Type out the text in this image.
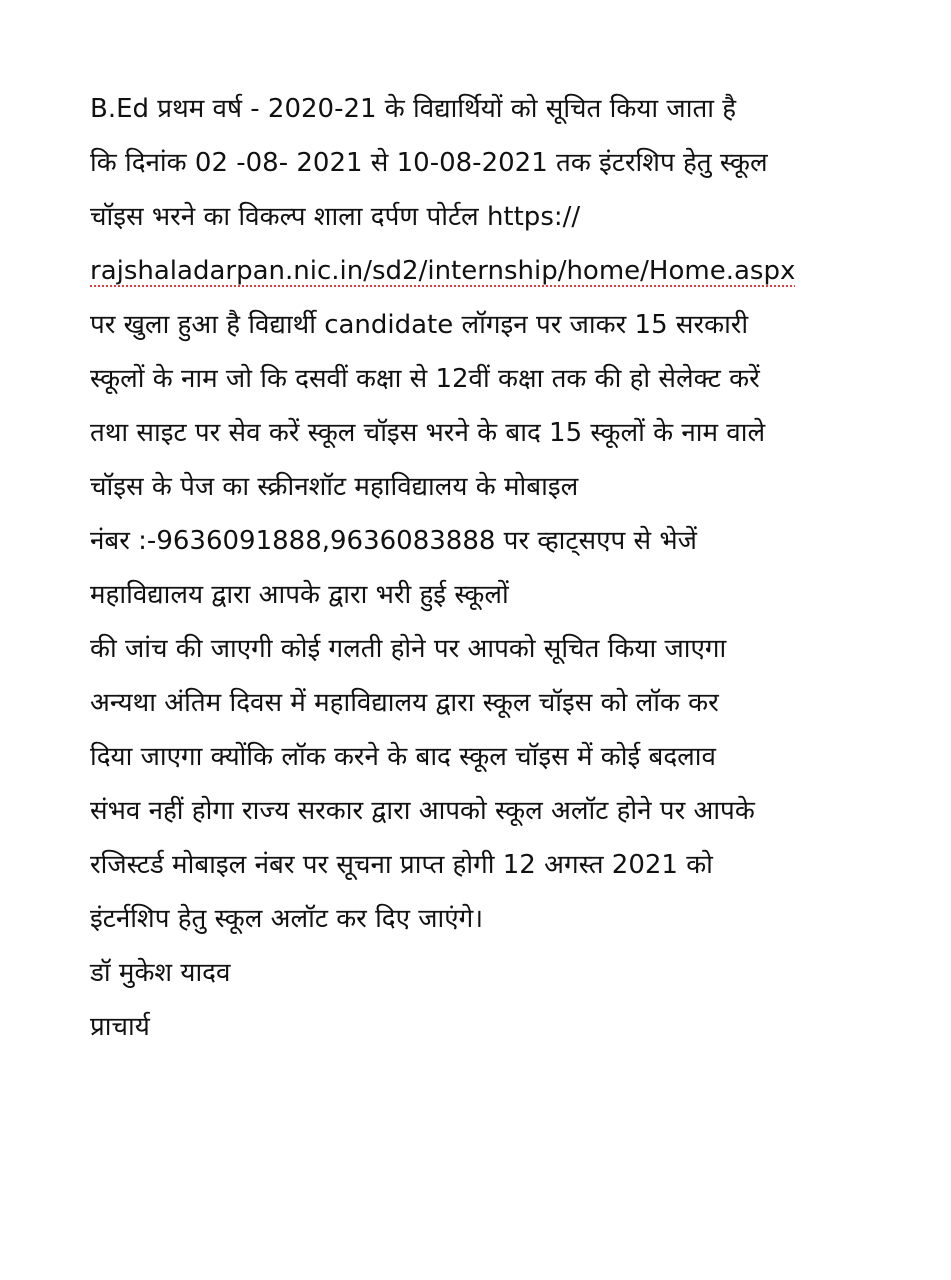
B.Ed प्रथम वर्ष - 2020-21 के विद्यार्थियों को सूचित किया जाता है
कि दिनांक 02 -08- 2021 से 10-08-2021 तक इंटरशिप हेतु स्कूल
चॉइस भरने का विकल्प शाला दर्पण पोर्टल https://
rajshaladarpan.nic.in/sd2/internship/home/Home.aspx
पर खुला हुआ है विद्यार्थी candidate लॉगइन पर जाकर 15 सरकारी
स्कूलों के नाम जो कि दसवीं कक्षा से 12वीं कक्षा तक की हो सेलेक्ट करें
तथा साइट पर सेव करें स्कूल चॉइस भरने के बाद 15 स्कूलों के नाम वाले
चॉइस के पेज का स्क्रीनशॉट महाविद्यालय के मोबाइल
नंबर :-9636091888,9636083888 पर व्हाट्सएप से भेजें
महाविद्यालय द्वारा आपके द्वारा भरी हुई स्कूलों
की जांच की जाएगी कोई गलती होने पर आपको सूचित किया जाएगा
अन्यथा अंतिम दिवस में महाविद्यालय द्वारा स्कूल चॉइस को लॉक कर
दिया जाएगा क्योंकि लॉक करने के बाद स्कूल चॉइस में कोई बदलाव
संभव नहीं होगा राज्य सरकार द्वारा आपको स्कूल अलॉट होने पर आपके
रजिस्टर्ड मोबाइल नंबर पर सूचना प्राप्त होगी 12 अगस्त 2021 को
इंटर्नशिप हेतु स्कूल अलॉट कर दिए जाएंगे।
डॉ मुकेश यादव
प्राचार्य
